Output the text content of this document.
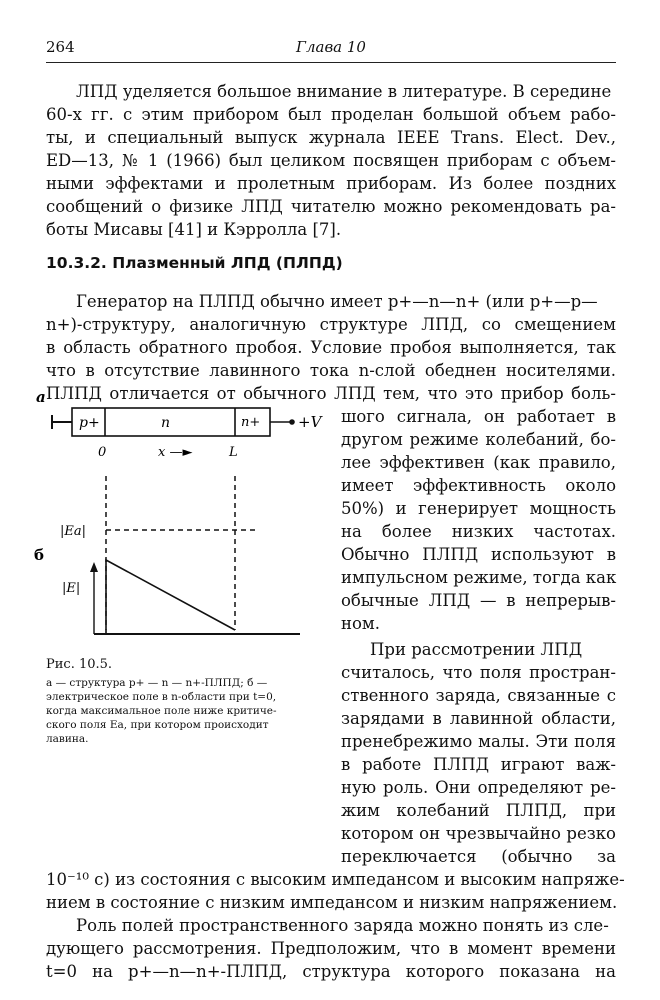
264	Глава 10
ЛПД уделяется большое внимание в литературе. В середине
60-х гг. с этим прибором был проделан большой объем рабо-
ты, и специальный выпуск журнала IEEE Trans. Elect. Dev.,
ED—13, № 1 (1966) был целиком посвящен приборам с объем-
ными эффектами и пролетным приборам. Из более поздних
сообщений о физике ЛПД читателю можно рекомендовать ра-
боты Мисавы [41] и Кэрролла [7].
10.3.2. Плазменный ЛПД (ПЛПД)
Генератор на ПЛПД обычно имеет p+—n—n+ (или p+—p—
n+)-структуру, аналогичную структуре ЛПД, со смещением
в область обратного пробоя. Условие пробоя выполняется, так
что в отсутствие лавинного тока n-слой обеднен носителями.
ПЛПД отличается от обычного ЛПД тем, что это прибор боль-
шого сигнала, он работает в
другом режиме колебаний, бо-
лее эффективен (как правило,
имеет эффективность около
50%) и генерирует мощность
на более низких частотах.
Обычно ПЛПД используют в
импульсном режиме, тогда как
обычные ЛПД — в непрерыв-
ном.
При рассмотрении ЛПД
считалось, что поля простран-
ственного заряда, связанные с
зарядами в лавинной области,
пренебрежимо малы. Эти поля
в работе ПЛПД играют важ-
ную роль. Они определяют ре-
жим колебаний ПЛПД, при
котором он чрезвычайно резко
переключается (обычно за
10⁻¹⁰ с) из состояния с высоким импедансом и высоким напряже-
нием в состояние с низким импедансом и низким напряжением.
Роль полей пространственного заряда можно понять из сле-
дующего рассмотрения. Предположим, что в момент времени
t=0 на p+—n—n+-ПЛПД, структура которого показана на
a
p+	n	n+	+V
0	x —►	L
|Ea|
б
|E|
Рис. 10.5.
a — структура p+ — n — n+-ПЛПД; б —
электрическое поле в n-области при t=0,
когда максимальное поле ниже критиче-
ского поля Ea, при котором происходит
лавина.
